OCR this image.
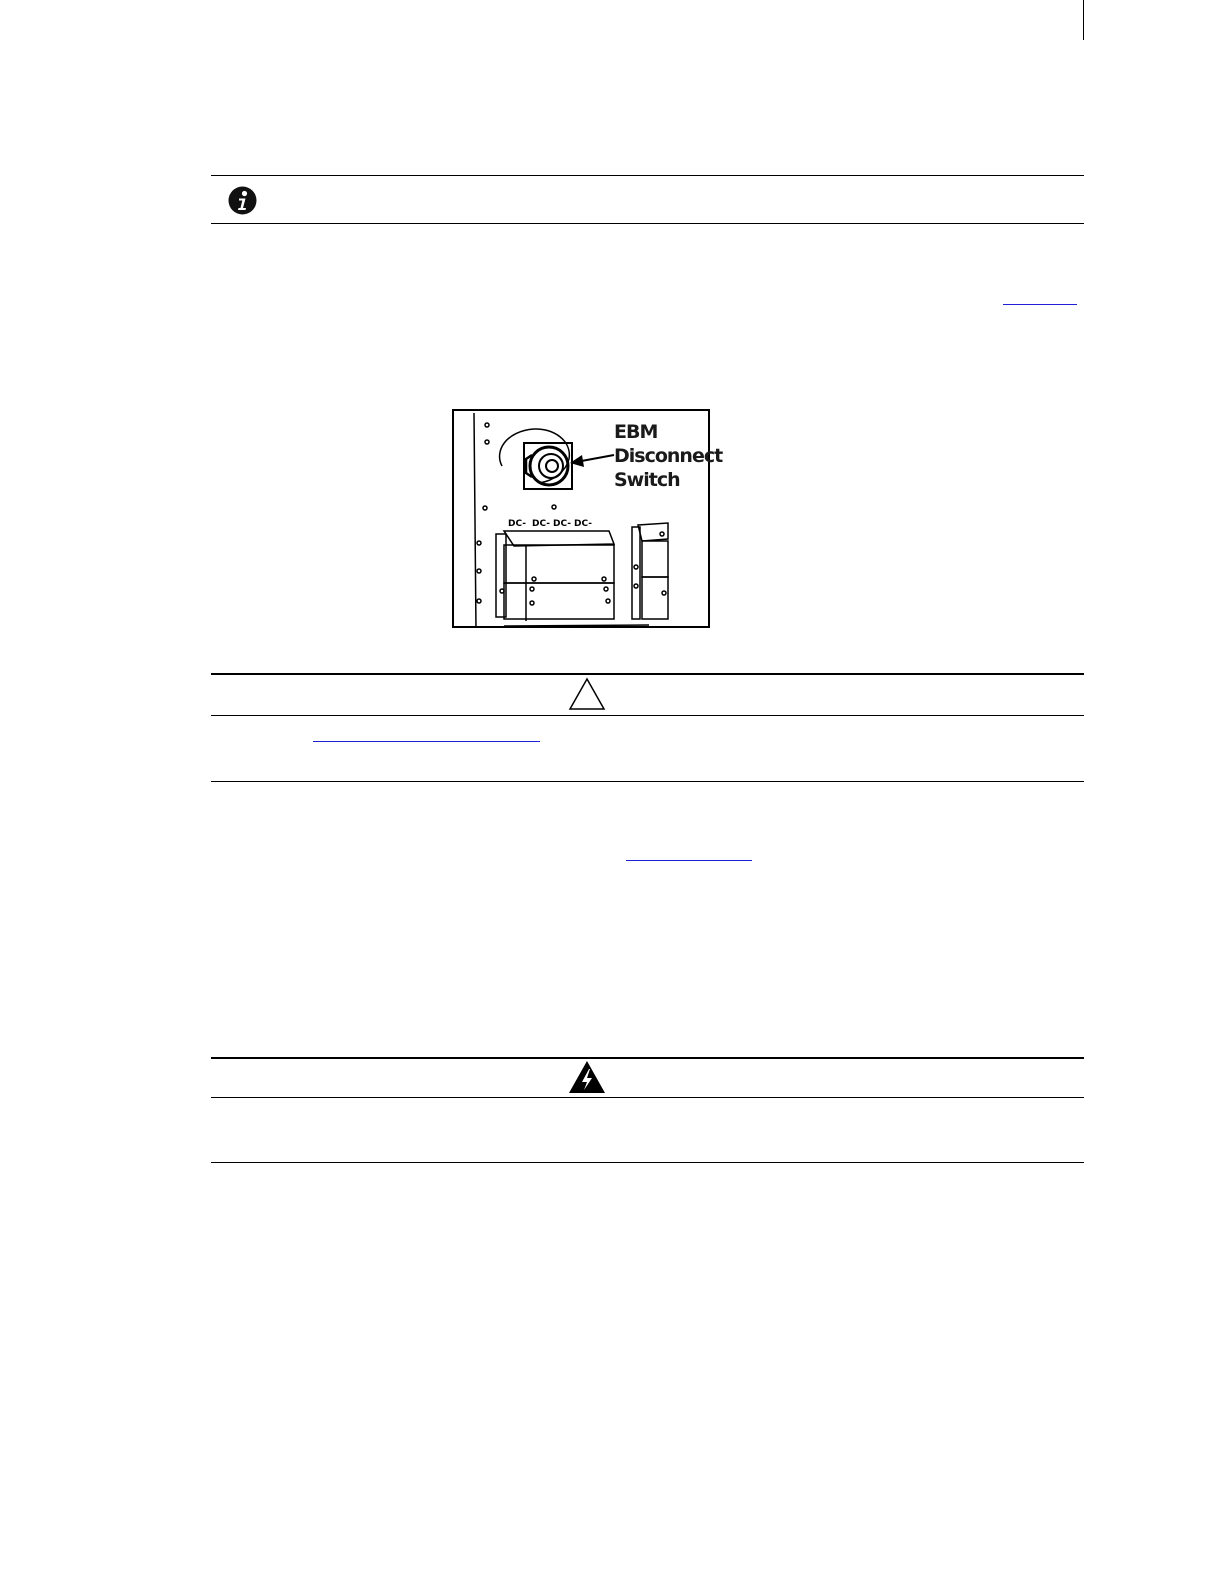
DC- DC- DC- DC-
EBM
Disconnect
Switch
